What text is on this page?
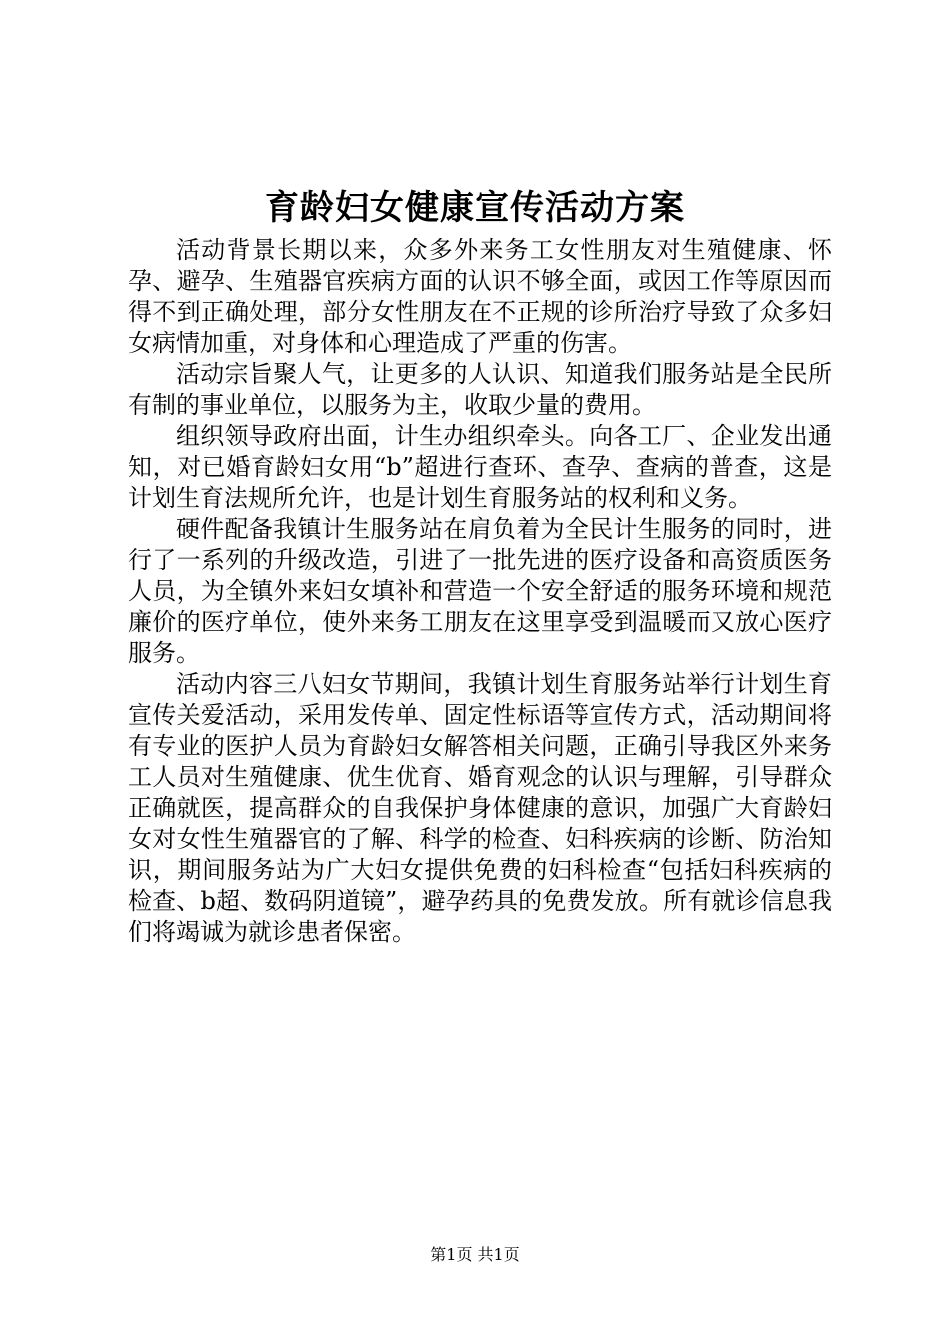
育龄妇女健康宣传活动方案

活动背景长期以来，众多外来务工女性朋友对生殖健康、怀孕、避孕、生殖器官疾病方面的认识不够全面，或因工作等原因而得不到正确处理，部分女性朋友在不正规的诊所治疗导致了众多妇女病情加重，对身体和心理造成了严重的伤害。

活动宗旨聚人气，让更多的人认识、知道我们服务站是全民所有制的事业单位，以服务为主，收取少量的费用。

组织领导政府出面，计生办组织牵头。向各工厂、企业发出通知，对已婚育龄妇女用“b”超进行查环、查孕、查病的普查，这是计划生育法规所允许，也是计划生育服务站的权利和义务。

硬件配备我镇计生服务站在肩负着为全民计生服务的同时，进行了一系列的升级改造，引进了一批先进的医疗设备和高资质医务人员，为全镇外来妇女填补和营造一个安全舒适的服务环境和规范廉价的医疗单位，使外来务工朋友在这里享受到温暖而又放心医疗服务。

活动内容三八妇女节期间，我镇计划生育服务站举行计划生育宣传关爱活动，采用发传单、固定性标语等宣传方式，活动期间将有专业的医护人员为育龄妇女解答相关问题，正确引导我区外来务工人员对生殖健康、优生优育、婚育观念的认识与理解，引导群众正确就医，提高群众的自我保护身体健康的意识，加强广大育龄妇女对女性生殖器官的了解、科学的检查、妇科疾病的诊断、防治知识，期间服务站为广大妇女提供免费的妇科检查“包括妇科疾病的检查、b超、数码阴道镜”，避孕药具的免费发放。所有就诊信息我们将竭诚为就诊患者保密。

第1页 共1页
